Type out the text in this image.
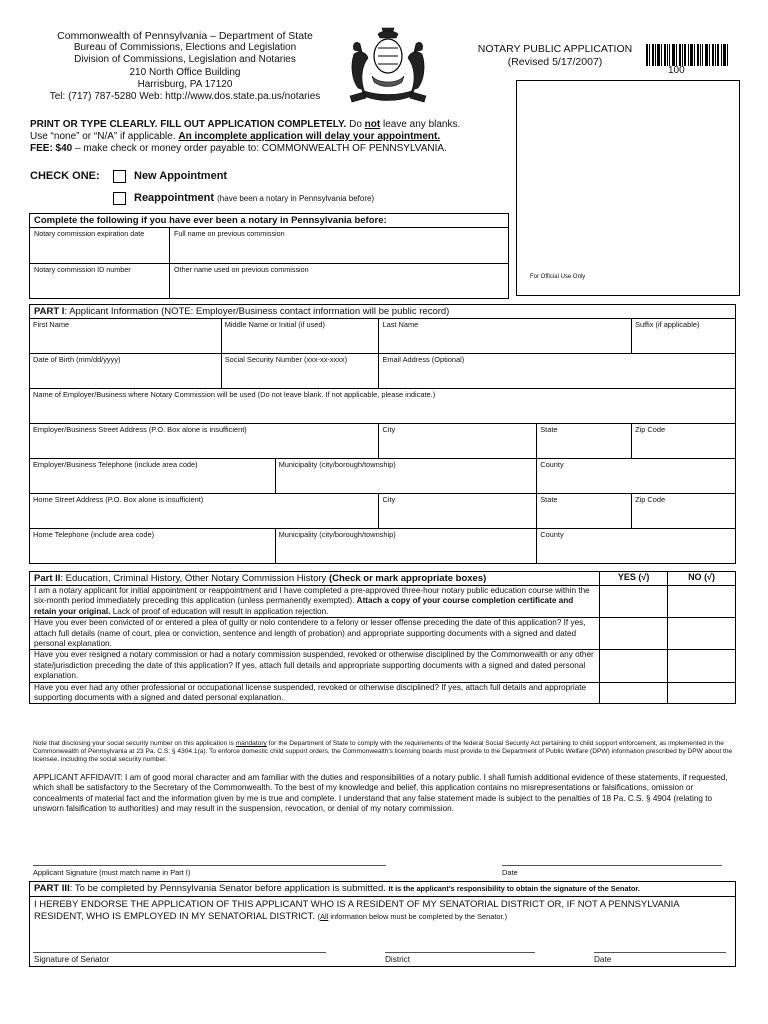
Commonwealth of Pennsylvania – Department of State
Bureau of Commissions, Elections and Legislation
Division of Commissions, Legislation and Notaries
210 North Office Building
Harrisburg, PA 17120
Tel: (717) 787-5280 Web: http://www.dos.state.pa.us/notaries
NOTARY PUBLIC APPLICATION
(Revised 5/17/2007)
100
For Official Use Only
PRINT OR TYPE CLEARLY. FILL OUT APPLICATION COMPLETELY. Do not leave any blanks.
Use “none” or “N/A” if applicable. An incomplete application will delay your appointment.
FEE: $40 – make check or money order payable to: COMMONWEALTH OF PENNSYLVANIA.
CHECK ONE:	New Appointment
Reappointment (have been a notary in Pennsylvania before)
Complete the following if you have ever been a notary in Pennsylvania before:	
Notary commission expiration date	Full name on previous commission
Notary commission ID number	Other name used on previous commission
PART I: Applicant Information (NOTE: Employer/Business contact information will be public record)					
First Name	Middle Name or Initial (if used)		Last Name		Suffix (if applicable)
Date of Birth (mm/dd/yyyy)	Social Security Number (xxx-xx-xxxx)		Email Address (Optional)		
Name of Employer/Business where Notary Commission will be used (Do not leave blank. If not applicable, please indicate.)					
Employer/Business Street Address (P.O. Box alone is insufficient)			City	State	Zip Code
Employer/Business Telephone (include area code)		Municipality (city/borough/township)		County	
Home Street Address (P.O. Box alone is insufficient)			City	State	Zip Code
Home Telephone (include area code)		Municipality (city/borough/township)		County	
Part II: Education, Criminal History, Other Notary Commission History (Check or mark appropriate boxes)	YES (√)	NO (√)
I am a notary applicant for initial appointment or reappointment and I have completed a pre-approved three-hour notary public education course within the six-month period immediately preceding this application (unless permanently exempted). Attach a copy of your course completion certificate and retain your original. Lack of proof of education will result in application rejection.		
Have you ever been convicted of or entered a plea of guilty or nolo contendere to a felony or lesser offense preceding the date of this application? If yes, attach full details (name of court, plea or conviction, sentence and length of probation) and appropriate supporting documents with a signed and dated personal explanation.		
Have you ever resigned a notary commission or had a notary commission suspended, revoked or otherwise disciplined by the Commonwealth or any other state/jurisdiction preceding the date of this application? If yes, attach full details and appropriate supporting documents with a signed and dated personal explanation.		
Have you ever had any other professional or occupational license suspended, revoked or otherwise disciplined? If yes, attach full details and appropriate supporting documents with a signed and dated personal explanation.		
Note that disclosing your social security number on this application is mandatory for the Department of State to comply with the requirements of the federal Social Security Act pertaining to child support enforcement, as implemented in the Commonwealth of Pennsylvania at 23 Pa. C.S. § 4304.1(a). To enforce domestic child support orders, the Commonwealth's licensing boards must provide to the Department of Public Welfare (DPW) information prescribed by DPW about the licensee, including the social security number.
APPLICANT AFFIDAVIT: I am of good moral character and am familiar with the duties and responsibilities of a notary public. I shall furnish additional evidence of these statements, if requested, which shall be satisfactory to the Secretary of the Commonwealth. To the best of my knowledge and belief, this application contains no misrepresentations or falsifications, omission or concealments of material fact and the information given by me is true and complete. I understand that any false statement made is subject to the penalties of 18 Pa. C.S. § 4904 (relating to unsworn falsification to authorities) and may result in the suspension, revocation, or denial of my notary commission.
Applicant Signature (must match name in Part I)	Date
PART III: To be completed by Pennsylvania Senator before application is submitted. It is the applicant's responsibility to obtain the signature of the Senator.
I HEREBY ENDORSE THE APPLICATION OF THIS APPLICANT WHO IS A RESIDENT OF MY SENATORIAL DISTRICT OR, IF NOT A PENNSYLVANIA RESIDENT, WHO IS EMPLOYED IN MY SENATORIAL DISTRICT. (All information below must be completed by the Senator.)
Signature of Senator	District	Date
